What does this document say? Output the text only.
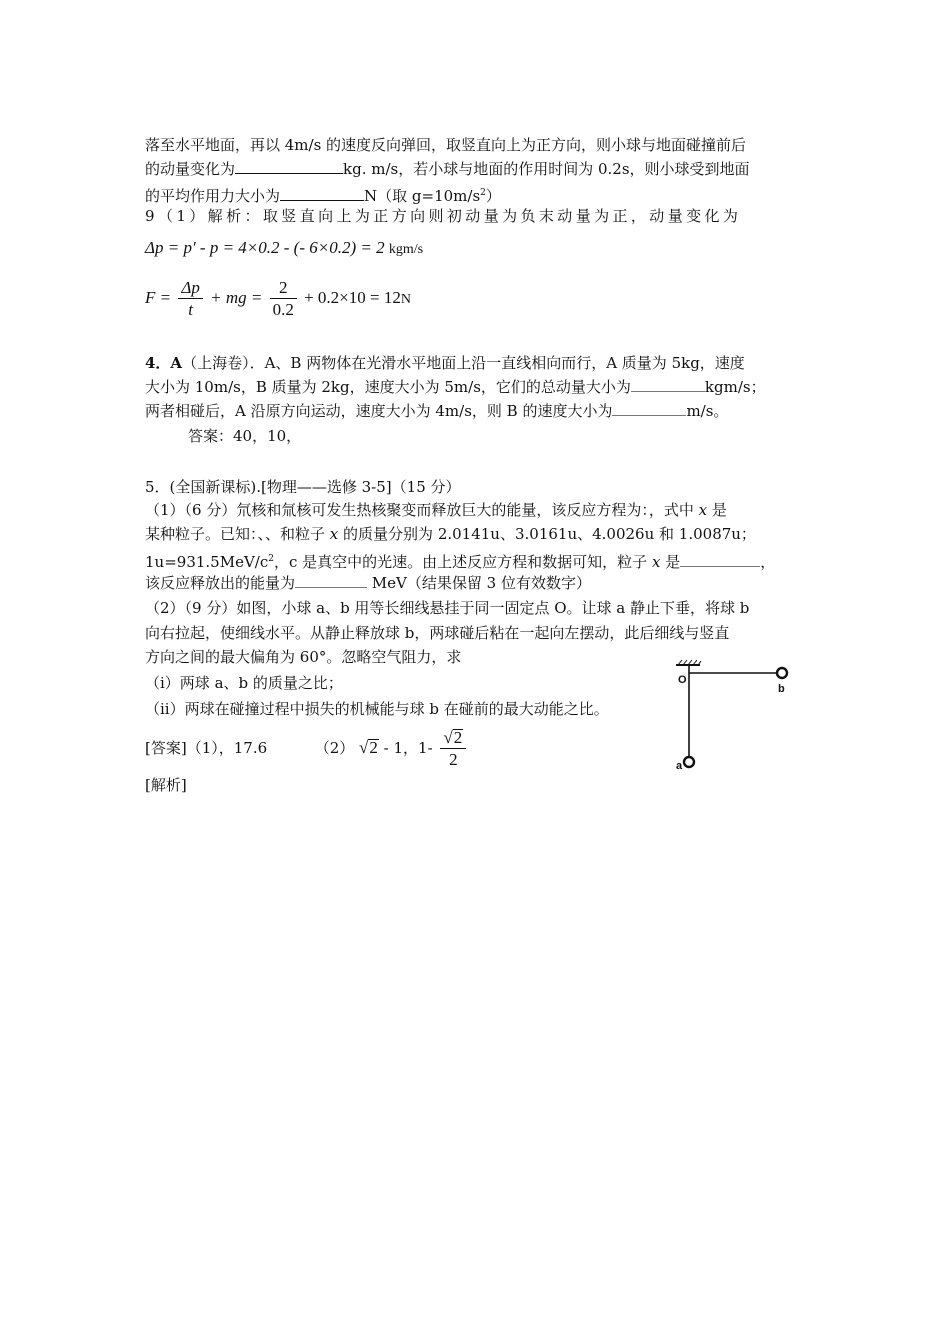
落至水平地面，再以 4m/s 的速度反向弹回，取竖直向上为正方向，则小球与地面碰撞前后
的动量变化为	kg. m/s，若小球与地面的作用时间为 0.2s，则小球受到地面
的平均作用力大小为	N（取 $g=10m/s^2$）
9（1）解析：取竖直向上为正方向则初动量为负末动量为正，动量变化为
Δp = p′ - p = 4×0.2 - (- 6×0.2) = 2 kgm/s
$F = \frac{\Delta p}{t}$ + mg = $\frac{2}{0.2} + 0.2\times 10 = 12N$
4．A（上海卷）．A、B 两物体在光滑水平地面上沿一直线相向而行，A 质量为 5kg，速度
大小为 10m/s，B 质量为 2kg，速度大小为 5m/s，它们的总动量大小为	kgm/s；
两者相碰后，A 沿原方向运动，速度大小为 4m/s，则 B 的速度大小为	m/s。
答案：40，10，
5．(全国新课标).[物理——选修 3-5]（15 分）
（1）（6 分）氘核和氚核可发生热核聚变而释放巨大的能量，该反应方程为：，式中 x 是
某种粒子。已知：、、和粒子 x 的质量分别为 2.0141u、3.0161u、4.0026u 和 1.0087u；
$1u=931.5MeV/c^2$，c 是真空中的光速。由上述反应方程和数据可知，粒子 x 是	，
该反应释放出的能量为	MeV（结果保留 3 位有效数字）
（2）（9 分）如图，小球 a、b 用等长细线悬挂于同一固定点 O。让球 a 静止下垂，将球 b
向右拉起，使细线水平。从静止释放球 b，两球碰后粘在一起向左摆动，此后细线与竖直
方向之间的最大偏角为 60°。忽略空气阻力，求
（i）两球 a、b 的质量之比；
（ii）两球在碰撞过程中损失的机械能与球 b 在碰前的最大动能之比。
[答案]（1），17.6	（2） √2 - 1，$1- \frac{√2}{2}$
[解析]
O
b
a
